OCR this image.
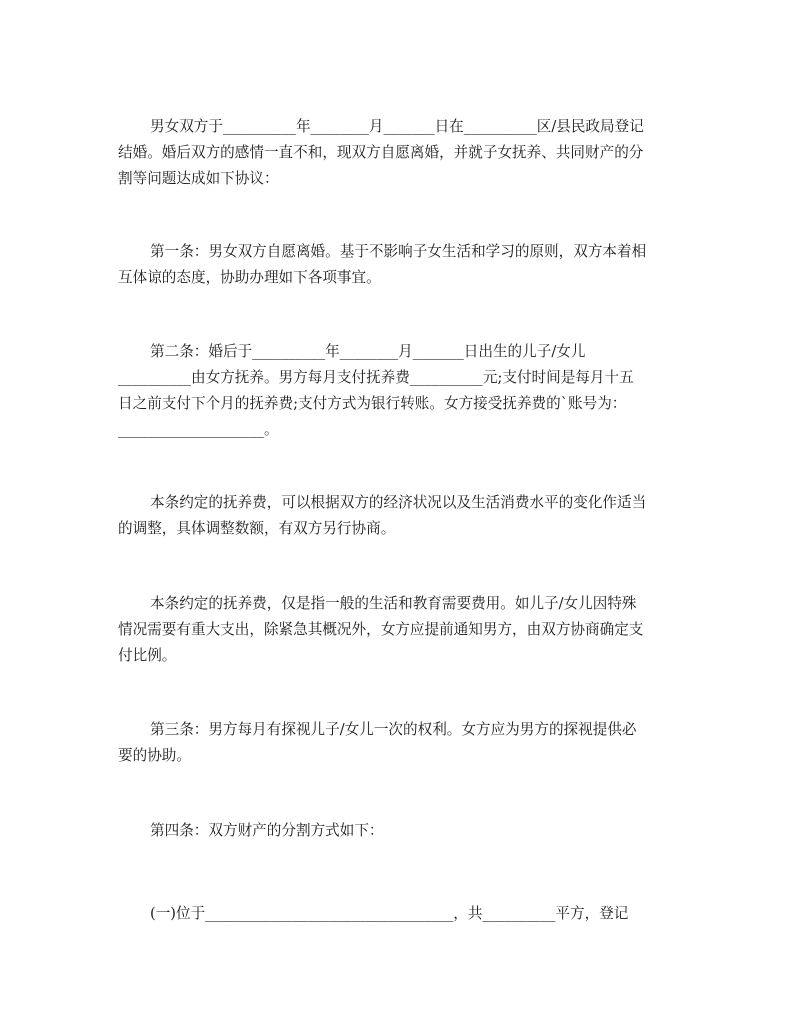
男女双方于__________年________月_______日在__________区/县民政局登记
结婚。婚后双方的感情一直不和，现双方自愿离婚，并就子女抚养、共同财产的分
割等问题达成如下协议：
第一条：男女双方自愿离婚。基于不影响子女生活和学习的原则，双方本着相
互体谅的态度，协助办理如下各项事宜。
第二条：婚后于__________年________月_______日出生的儿子/女儿
__________由女方抚养。男方每月支付抚养费__________元;支付时间是每月十五
日之前支付下个月的抚养费;支付方式为银行转账。女方接受抚养费的`账号为：
____________________。
本条约定的抚养费，可以根据双方的经济状况以及生活消费水平的变化作适当
的调整，具体调整数额，有双方另行协商。
本条约定的抚养费，仅是指一般的生活和教育需要费用。如儿子/女儿因特殊
情况需要有重大支出，除紧急其概况外，女方应提前通知男方，由双方协商确定支
付比例。
第三条：男方每月有探视儿子/女儿一次的权利。女方应为男方的探视提供必
要的协助。
第四条：双方财产的分割方式如下：
(一)位于__________________________________，共__________平方，登记
